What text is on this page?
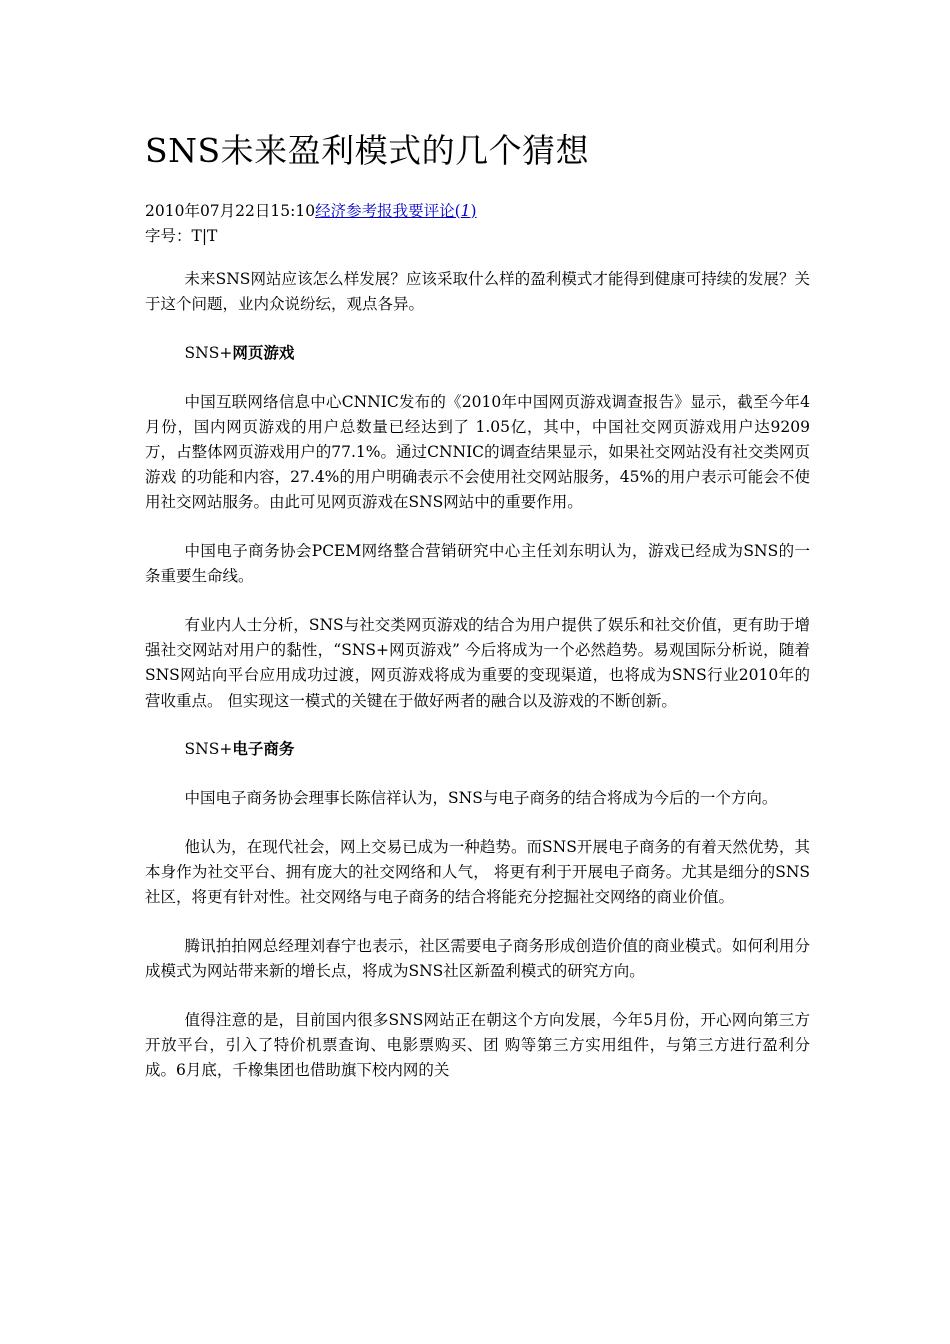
SNS未来盈利模式的几个猜想
2010年07月22日15:10经济参考报我要评论(1)
字号：T|T

未来SNS网站应该怎么样发展？应该采取什么样的盈利模式才能得到健康可持续的发展？关于这个问题，业内众说纷纭，观点各异。

SNS+网页游戏

中国互联网络信息中心CNNIC发布的《2010年中国网页游戏调查报告》显示，截至今年4月份，国内网页游戏的用户总数量已经达到了 1.05亿，其中，中国社交网页游戏用户达9209万，占整体网页游戏用户的77.1%。通过CNNIC的调查结果显示，如果社交网站没有社交类网页游戏 的功能和内容，27.4%的用户明确表示不会使用社交网站服务，45%的用户表示可能会不使用社交网站服务。由此可见网页游戏在SNS网站中的重要作用。

中国电子商务协会PCEM网络整合营销研究中心主任刘东明认为，游戏已经成为SNS的一条重要生命线。

有业内人士分析，SNS与社交类网页游戏的结合为用户提供了娱乐和社交价值，更有助于增强社交网站对用户的黏性，“SNS+网页游戏” 今后将成为一个必然趋势。易观国际分析说，随着SNS网站向平台应用成功过渡，网页游戏将成为重要的变现渠道，也将成为SNS行业2010年的营收重点。 但实现这一模式的关键在于做好两者的融合以及游戏的不断创新。

SNS+电子商务

中国电子商务协会理事长陈信祥认为，SNS与电子商务的结合将成为今后的一个方向。

他认为，在现代社会，网上交易已成为一种趋势。而SNS开展电子商务的有着天然优势，其本身作为社交平台、拥有庞大的社交网络和人气， 将更有利于开展电子商务。尤其是细分的SNS社区，将更有针对性。社交网络与电子商务的结合将能充分挖掘社交网络的商业价值。

腾讯拍拍网总经理刘春宁也表示，社区需要电子商务形成创造价值的商业模式。如何利用分成模式为网站带来新的增长点，将成为SNS社区新盈利模式的研究方向。

值得注意的是，目前国内很多SNS网站正在朝这个方向发展，今年5月份，开心网向第三方开放平台，引入了特价机票查询、电影票购买、团 购等第三方实用组件，与第三方进行盈利分成。6月底，千橡集团也借助旗下校内网的关
